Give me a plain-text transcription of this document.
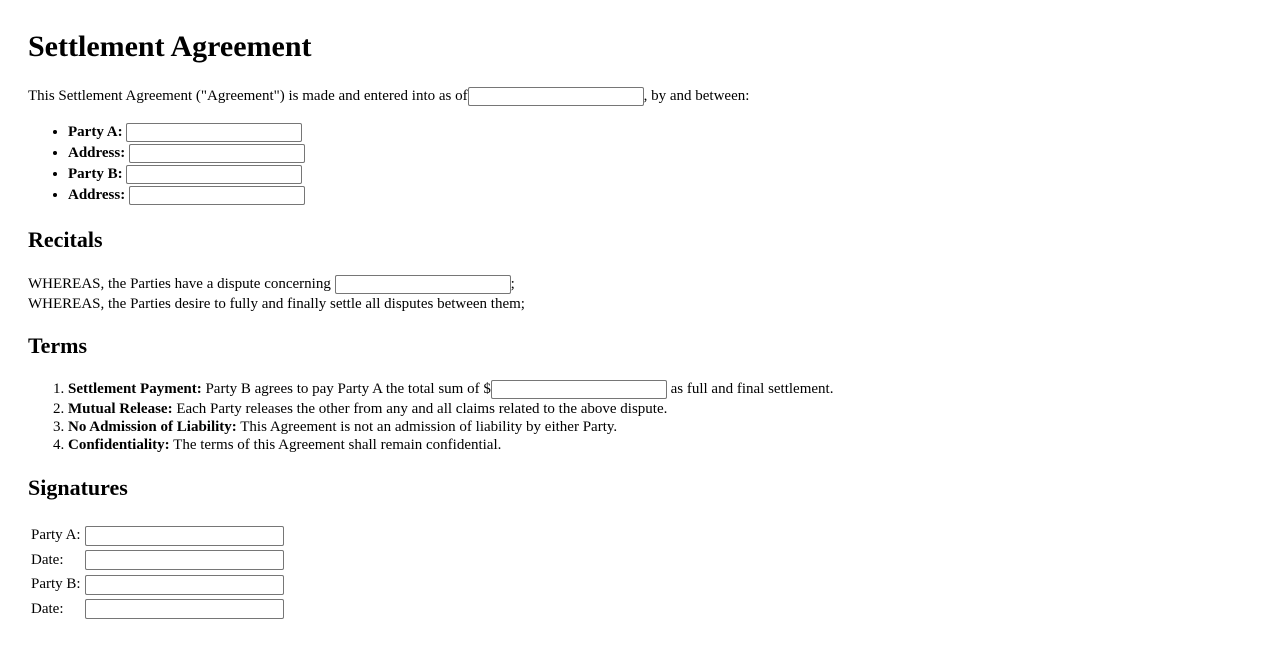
Settlement Agreement
This Settlement Agreement ("Agreement") is made and entered into as of	, by and between:
• Party A:
• Address:
• Party B:
• Address:
Recitals
WHEREAS, the Parties have a dispute concerning	;
WHEREAS, the Parties desire to fully and finally settle all disputes between them;
Terms
1. Settlement Payment: Party B agrees to pay Party A the total sum of $	as full and final settlement.
2. Mutual Release: Each Party releases the other from any and all claims related to the above dispute.
3. No Admission of Liability: This Agreement is not an admission of liability by either Party.
4. Confidentiality: The terms of this Agreement shall remain confidential.
Signatures
Party A:	
Date:	
Party B:	
Date:	
